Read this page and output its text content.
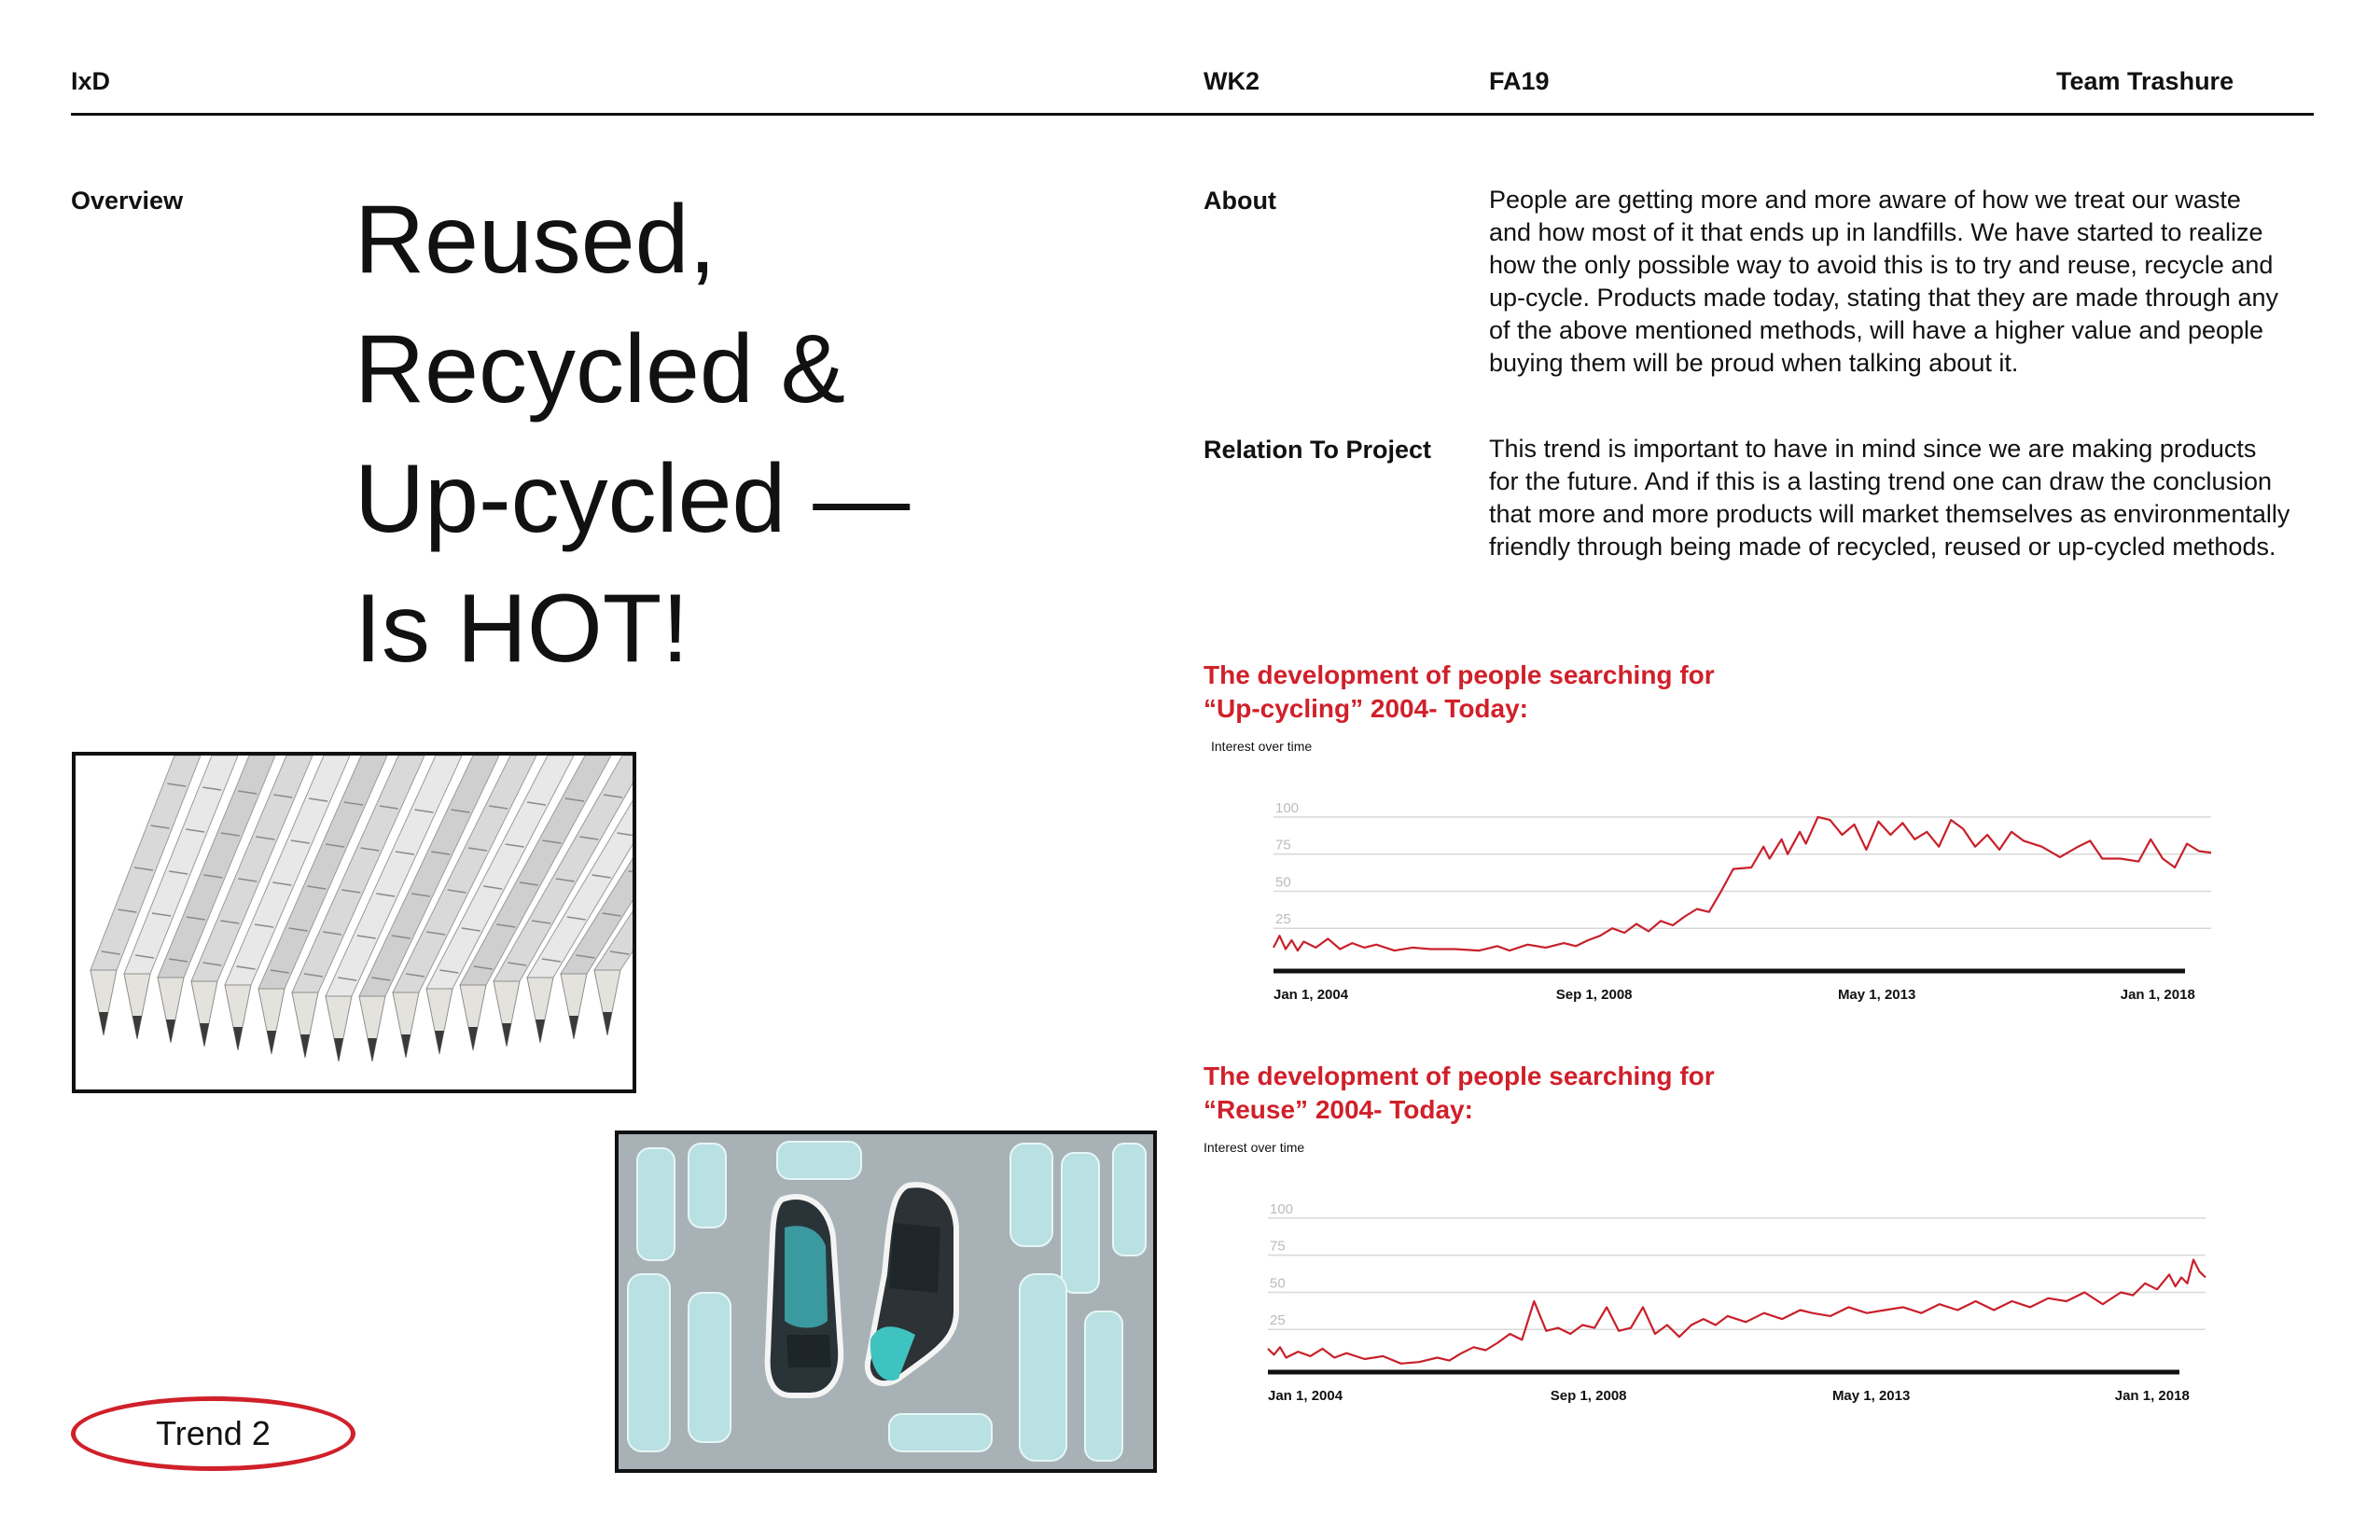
IxD	WK2	FA19	Team Trashure
Overview Reused,
Recycled &
Up-cycled —
Is HOT!
Trend 2
About	People are getting more and more aware of how we treat our waste
and how most of it that ends up in landfills. We have started to realize
how the only possible way to avoid this is to try and reuse, recycle and
up-cycle. Products made today, stating that they are made through any
of the above mentioned methods, will have a higher value and people
buying them will be proud when talking about it.
Relation To Project This trend is important to have in mind since we are making products
for the future. And if this is a lasting trend one can draw the conclusion
that more and more products will market themselves as environmentally
friendly through being made of recycled, reused or up-cycled methods.
The development of people searching for
“Up-cycling” 2004- Today:
Interest over time
25
50
75
100
Jan 1, 2004	Sep 1, 2008	May 1, 2013	Jan 1, 2018
The development of people searching for
“Reuse” 2004- Today:
Interest over time
25
50
75
100
Jan 1, 2004	Sep 1, 2008	May 1, 2013	Jan 1, 2018
